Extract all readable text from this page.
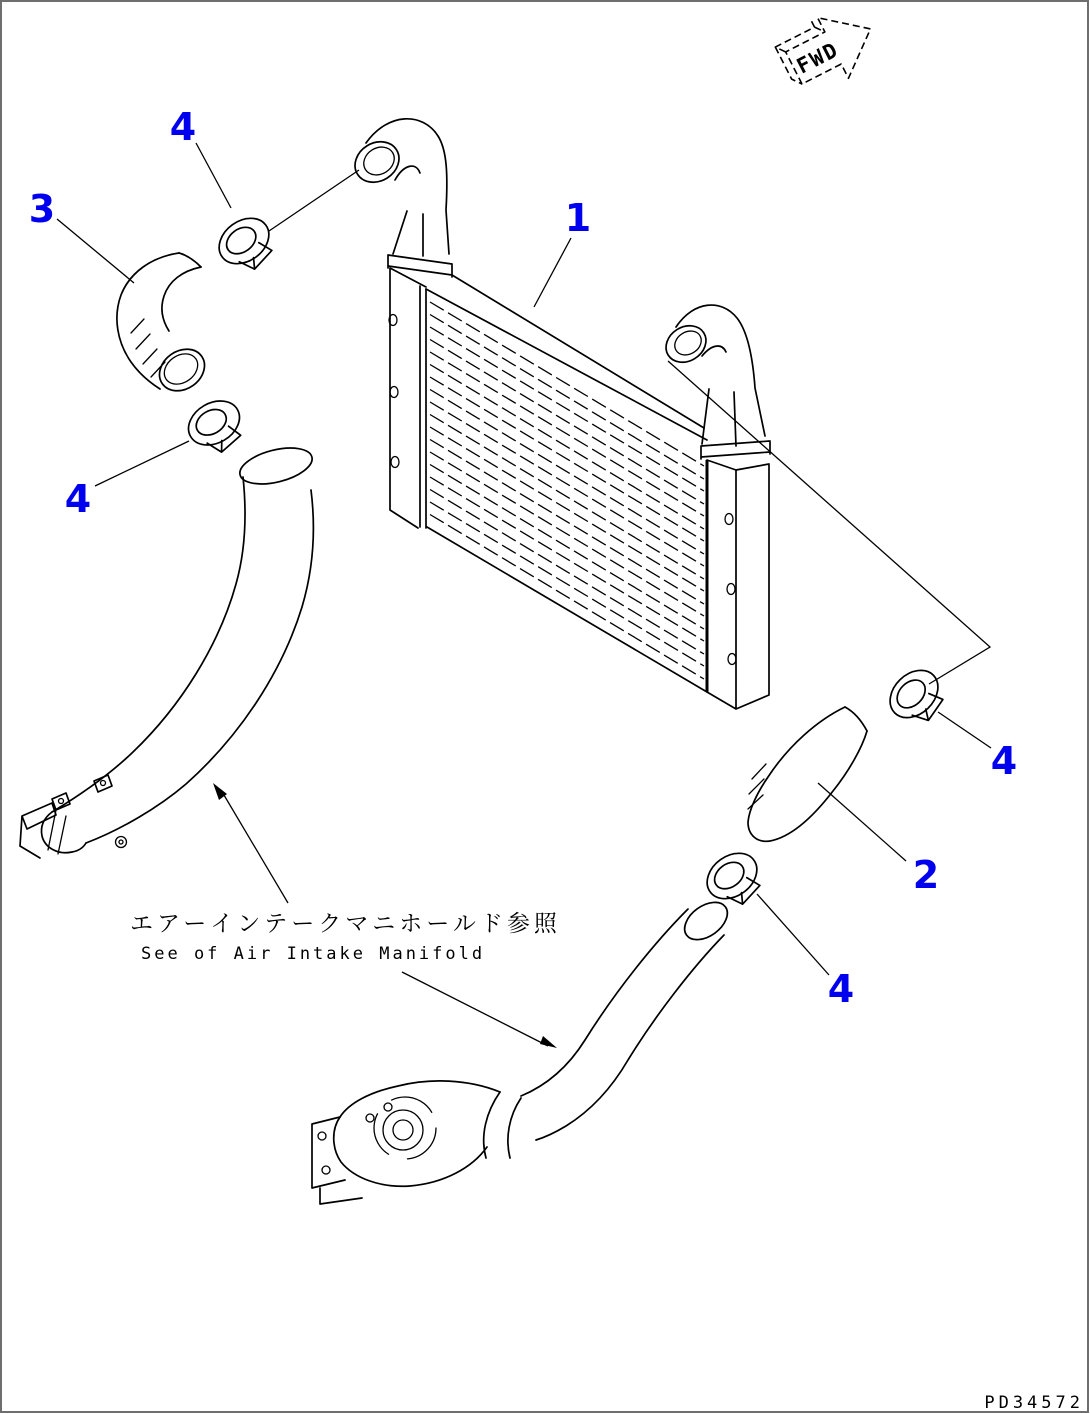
FWD
1
2
3
4
4
4
4
エアーインテークマニホールド参照
See of Air Intake Manifold
PD34572
